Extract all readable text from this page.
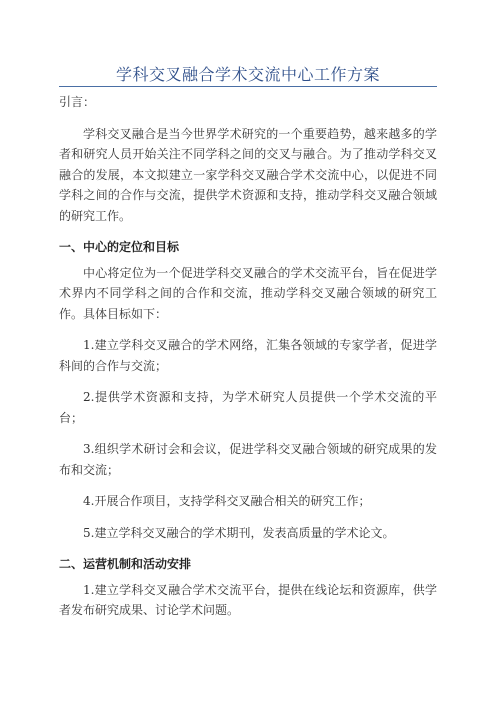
学科交叉融合学术交流中心工作方案

引言：

学科交叉融合是当今世界学术研究的一个重要趋势，越来越多的学者和研究人员开始关注不同学科之间的交叉与融合。为了推动学科交叉融合的发展，本文拟建立一家学科交叉融合学术交流中心，以促进不同学科之间的合作与交流，提供学术资源和支持，推动学科交叉融合领域的研究工作。

一、中心的定位和目标

中心将定位为一个促进学科交叉融合的学术交流平台，旨在促进学术界内不同学科之间的合作和交流，推动学科交叉融合领域的研究工作。具体目标如下：

1.建立学科交叉融合的学术网络，汇集各领域的专家学者，促进学科间的合作与交流；

2.提供学术资源和支持，为学术研究人员提供一个学术交流的平台；

3.组织学术研讨会和会议，促进学科交叉融合领域的研究成果的发布和交流；

4.开展合作项目，支持学科交叉融合相关的研究工作；

5.建立学科交叉融合的学术期刊，发表高质量的学术论文。

二、运营机制和活动安排

1.建立学科交叉融合学术交流平台，提供在线论坛和资源库，供学者发布研究成果、讨论学术问题。
